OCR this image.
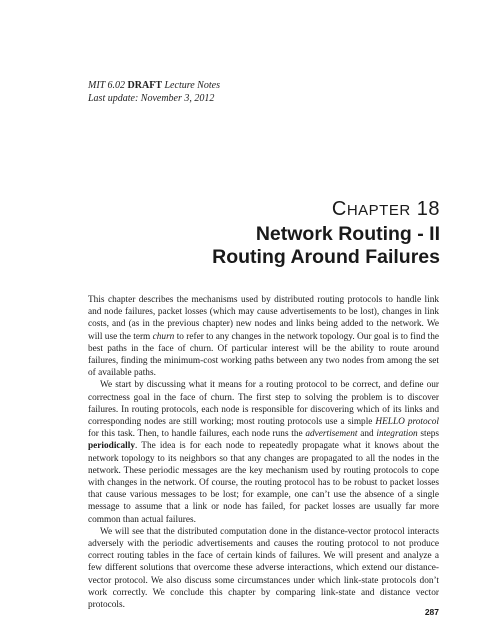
MIT 6.02 DRAFT Lecture Notes
Last update: November 3, 2012
CHAPTER 18
Network Routing - II
Routing Around Failures

This chapter describes the mechanisms used by distributed routing protocols to handle link and node failures, packet losses (which may cause advertisements to be lost), changes in link costs, and (as in the previous chapter) new nodes and links being added to the network. We will use the term churn to refer to any changes in the network topology. Our goal is to find the best paths in the face of churn. Of particular interest will be the ability to route around failures, finding the minimum-cost working paths between any two nodes from among the set of available paths.

We start by discussing what it means for a routing protocol to be correct, and define our correctness goal in the face of churn. The first step to solving the problem is to discover failures. In routing protocols, each node is responsible for discovering which of its links and corresponding nodes are still working; most routing protocols use a simple HELLO protocol for this task. Then, to handle failures, each node runs the advertisement and integration steps periodically. The idea is for each node to repeatedly propagate what it knows about the network topology to its neighbors so that any changes are propagated to all the nodes in the network. These periodic messages are the key mechanism used by routing protocols to cope with changes in the network. Of course, the routing protocol has to be robust to packet losses that cause various messages to be lost; for example, one can’t use the absence of a single message to assume that a link or node has failed, for packet losses are usually far more common than actual failures.

We will see that the distributed computation done in the distance-vector protocol interacts adversely with the periodic advertisements and causes the routing protocol to not produce correct routing tables in the face of certain kinds of failures. We will present and analyze a few different solutions that overcome these adverse interactions, which extend our distance-vector protocol. We also discuss some circumstances under which link-state protocols don’t work correctly. We conclude this chapter by comparing link-state and distance vector protocols.

287
